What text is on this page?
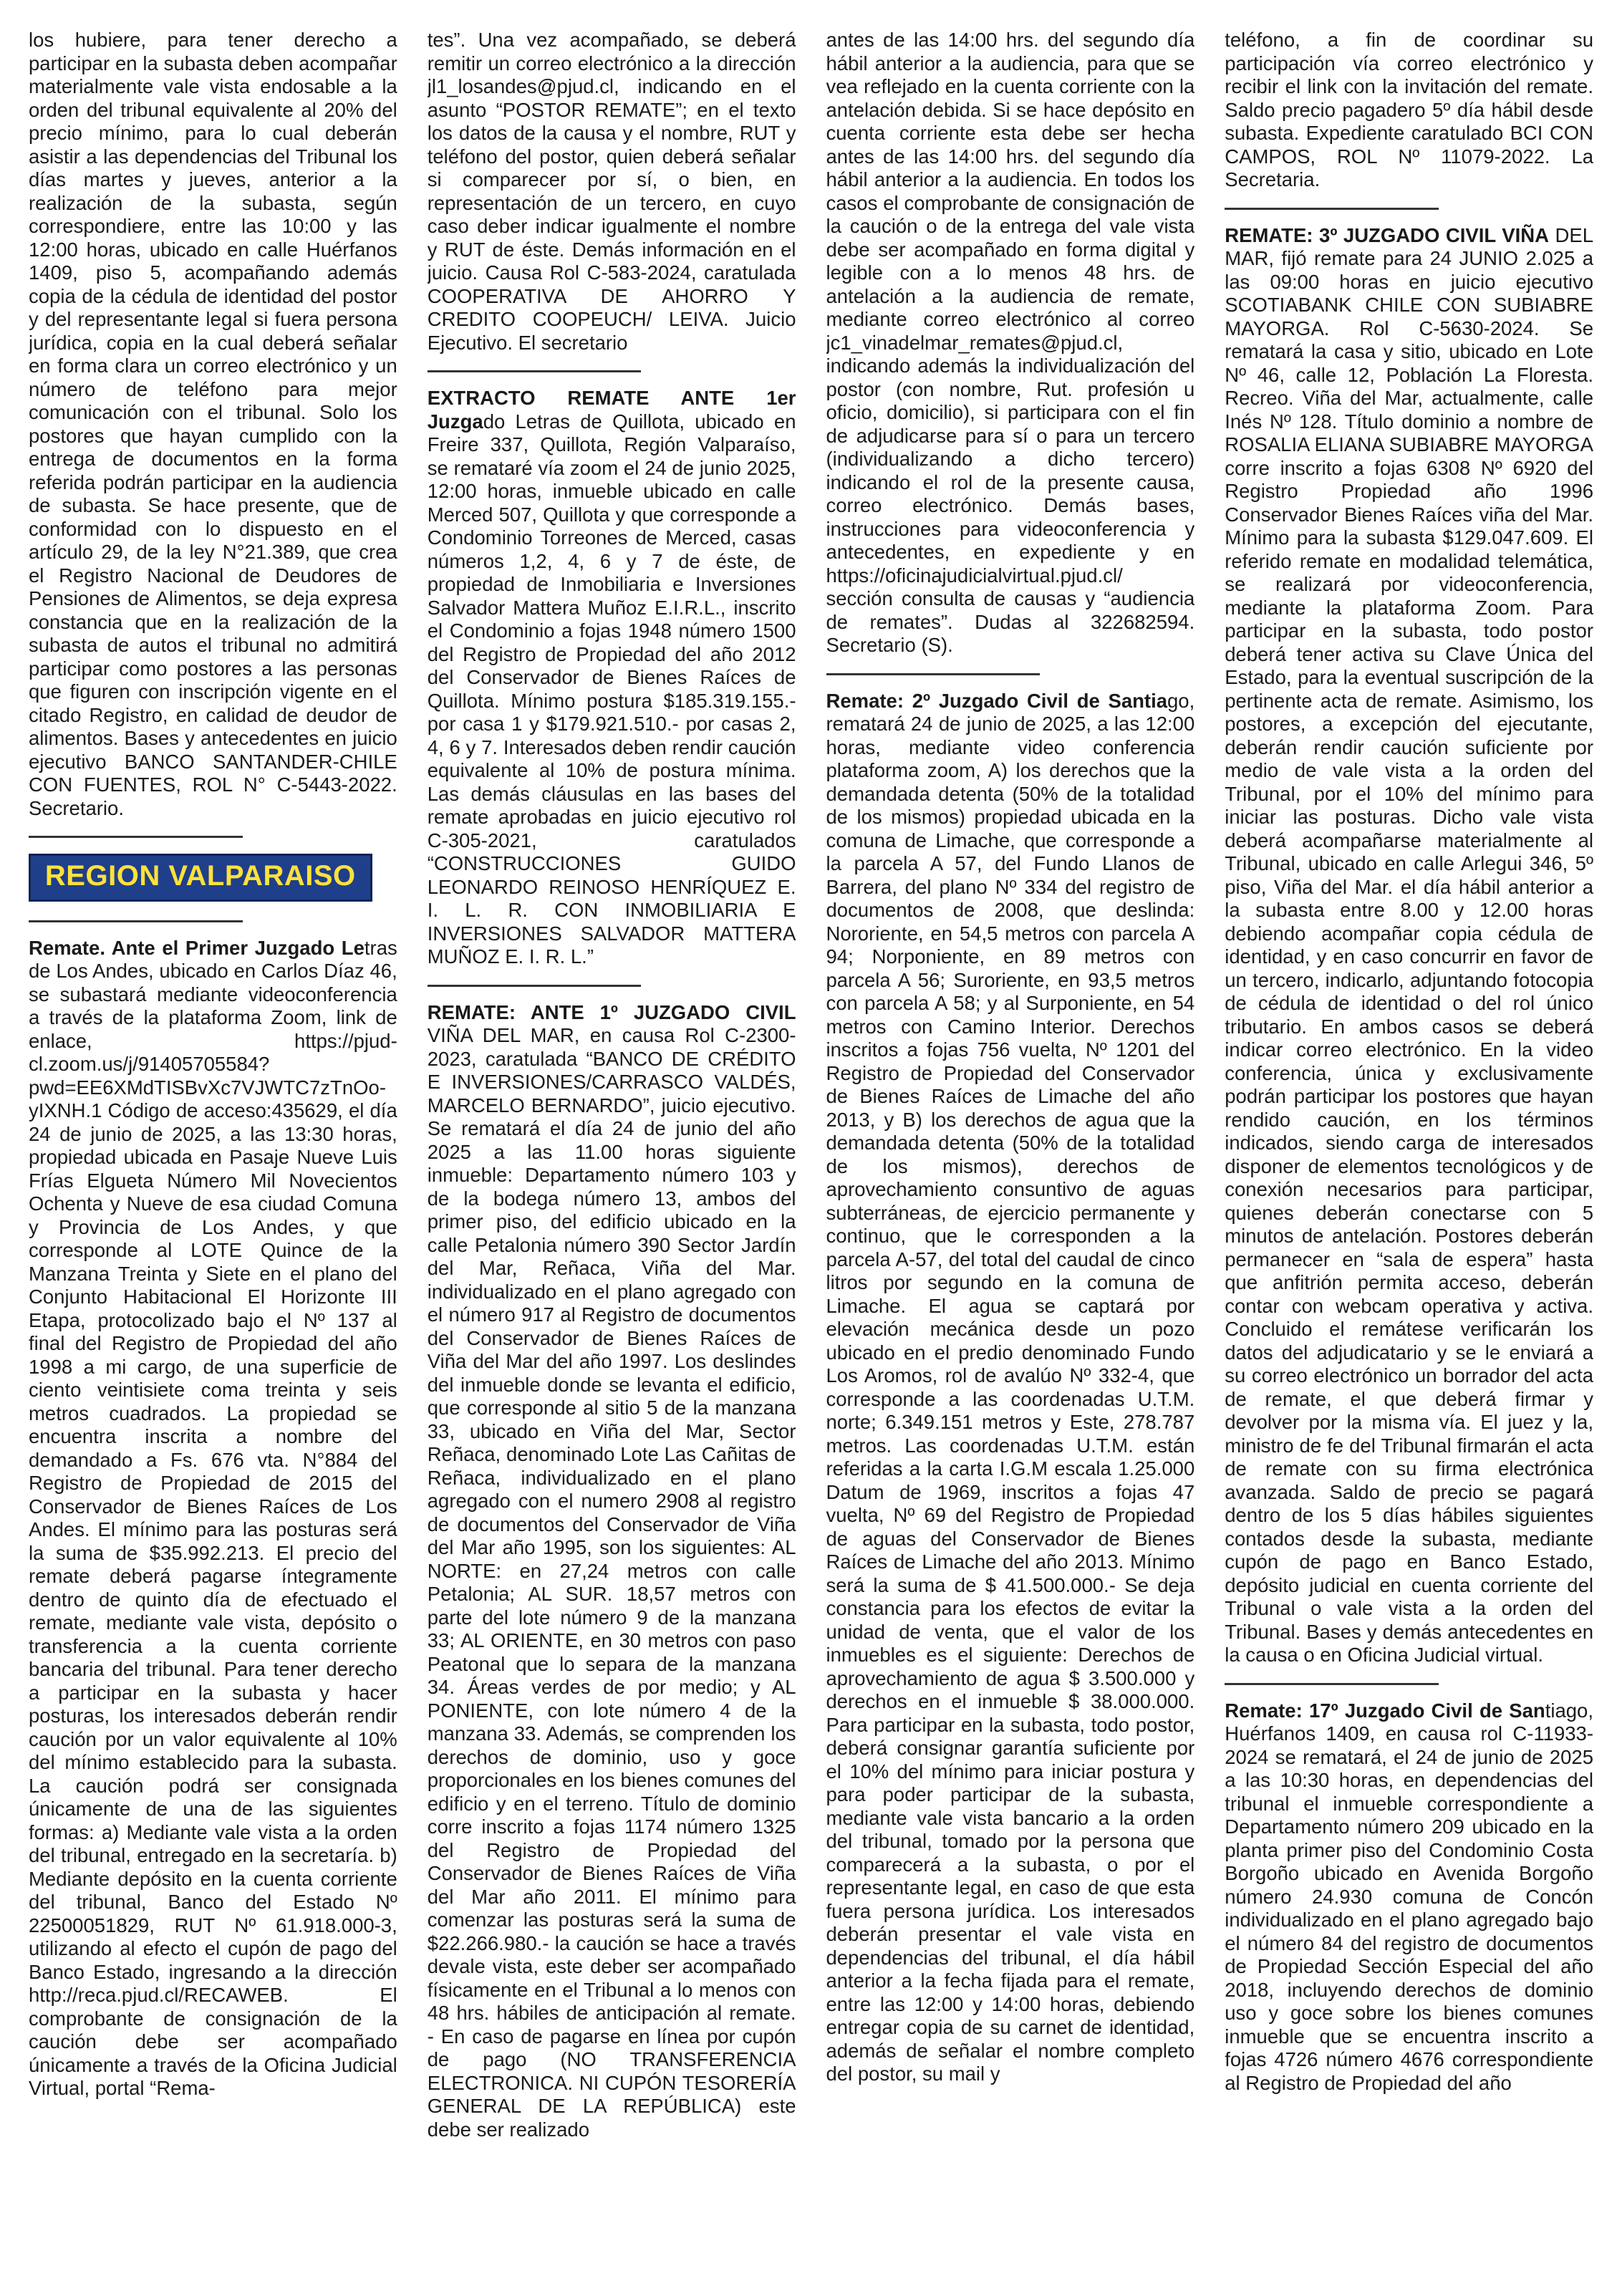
los hubiere, para tener derecho a participar en la subasta deben acompañar materialmente vale vista endosable a la orden del tribunal equivalente al 20% del precio mínimo, para lo cual deberán asistir a las dependencias del Tribunal los días martes y jueves, anterior a la realización de la subasta, según correspondiere, entre las 10:00 y las 12:00 horas, ubicado en calle Huérfanos 1409, piso 5, acompañando además copia de la cédula de identidad del postor y del representante legal si fuera persona jurídica, copia en la cual deberá señalar en forma clara un correo electrónico y un número de teléfono para mejor comunicación con el tribunal. Solo los postores que hayan cumplido con la entrega de documentos en la forma referida podrán participar en la audiencia de subasta. Se hace presente, que de conformidad con lo dispuesto en el artículo 29, de la ley N°21.389, que crea el Registro Nacional de Deudores de Pensiones de Alimentos, se deja expresa constancia que en la realización de la subasta de autos el tribunal no admitirá participar como postores a las personas que figuren con inscripción vigente en el citado Registro, en calidad de deudor de alimentos. Bases y antecedentes en juicio ejecutivo BANCO SANTANDER-CHILE CON FUENTES, ROL N° C-5443-2022. Secretario.

REGION VALPARAISO

Remate. Ante el Primer Juzgado Letras de Los Andes, ubicado en Carlos Díaz 46, se subastará mediante videoconferencia a través de la plataforma Zoom, link de enlace, https://pjud-cl.zoom.us/j/91405705584?pwd=EE6XMdTISBvXc7VJWTC7zTnOo-yIXNH.1 Código de acceso:435629, el día 24 de junio de 2025, a las 13:30 horas, propiedad ubicada en Pasaje Nueve Luis Frías Elgueta Número Mil Novecientos Ochenta y Nueve de esa ciudad Comuna y Provincia de Los Andes, y que corresponde al LOTE Quince de la Manzana Treinta y Siete en el plano del Conjunto Habitacional El Horizonte III Etapa, protocolizado bajo el Nº 137 al final del Registro de Propiedad del año 1998 a mi cargo, de una superficie de ciento veintisiete coma treinta y seis metros cuadrados. La propiedad se encuentra inscrita a nombre del demandado a Fs. 676 vta. N°884 del Registro de Propiedad de 2015 del Conservador de Bienes Raíces de Los Andes. El mínimo para las posturas será la suma de $35.992.213. El precio del remate deberá pagarse íntegramente dentro de quinto día de efectuado el remate, mediante vale vista, depósito o transferencia a la cuenta corriente bancaria del tribunal. Para tener derecho a participar en la subasta y hacer posturas, los interesados deberán rendir caución por un valor equivalente al 10% del mínimo establecido para la subasta. La caución podrá ser consignada únicamente de una de las siguientes formas: a) Mediante vale vista a la orden del tribunal, entregado en la secretaría. b) Mediante depósito en la cuenta corriente del tribunal, Banco del Estado Nº 22500051829, RUT Nº 61.918.000-3, utilizando al efecto el cupón de pago del Banco Estado, ingresando a la dirección http://reca.pjud.cl/RECAWEB. El comprobante de consignación de la caución debe ser acompañado únicamente a través de la Oficina Judicial Virtual, portal “Rema-

tes”. Una vez acompañado, se deberá remitir un correo electrónico a la dirección jl1_losandes@pjud.cl, indicando en el asunto “POSTOR REMATE”; en el texto los datos de la causa y el nombre, RUT y teléfono del postor, quien deberá señalar si comparecer por sí, o bien, en representación de un tercero, en cuyo caso deber indicar igualmente el nombre y RUT de éste. Demás información en el juicio. Causa Rol C-583-2024, caratulada COOPERATIVA DE AHORRO Y CREDITO COOPEUCH/ LEIVA. Juicio Ejecutivo. El secretario

EXTRACTO REMATE ANTE 1er Juzgado Letras de Quillota, ubicado en Freire 337, Quillota, Región Valparaíso, se remataré vía zoom el 24 de junio 2025, 12:00 horas, inmueble ubicado en calle Merced 507, Quillota y que corresponde a Condominio Torreones de Merced, casas números 1,2, 4, 6 y 7 de éste, de propiedad de Inmobiliaria e Inversiones Salvador Mattera Muñoz E.I.R.L., inscrito el Condominio a fojas 1948 número 1500 del Registro de Propiedad del año 2012 del Conservador de Bienes Raíces de Quillota. Mínimo postura $185.319.155.- por casa 1 y $179.921.510.- por casas 2, 4, 6 y 7. Interesados deben rendir caución equivalente al 10% de postura mínima. Las demás cláusulas en las bases del remate aprobadas en juicio ejecutivo rol C-305-2021, caratulados “CONSTRUCCIONES GUIDO LEONARDO REINOSO HENRÍQUEZ E. I. L. R. CON INMOBILIARIA E INVERSIONES SALVADOR MATTERA MUÑOZ E. I. R. L.”

REMATE: ANTE 1º JUZGADO CIVIL VIÑA DEL MAR, en causa Rol C-2300-2023, caratulada “BANCO DE CRÉDITO E INVERSIONES/CARRASCO VALDÉS, MARCELO BERNARDO”, juicio ejecutivo. Se rematará el día 24 de junio del año 2025 a las 11.00 horas siguiente inmueble: Departamento número 103 y de la bodega número 13, ambos del primer piso, del edificio ubicado en la calle Petalonia número 390 Sector Jardín del Mar, Reñaca, Viña del Mar. individualizado en el plano agregado con el número 917 al Registro de documentos del Conservador de Bienes Raíces de Viña del Mar del año 1997. Los deslindes del inmueble donde se levanta el edificio, que corresponde al sitio 5 de la manzana 33, ubicado en Viña del Mar, Sector Reñaca, denominado Lote Las Cañitas de Reñaca, individualizado en el plano agregado con el numero 2908 al registro de documentos del Conservador de Viña del Mar año 1995, son los siguientes: AL NORTE: en 27,24 metros con calle Petalonia; AL SUR. 18,57 metros con parte del lote número 9 de la manzana 33; AL ORIENTE, en 30 metros con paso Peatonal que lo separa de la manzana 34. Áreas verdes de por medio; y AL PONIENTE, con lote número 4 de la manzana 33. Además, se comprenden los derechos de dominio, uso y goce proporcionales en los bienes comunes del edificio y en el terreno. Título de dominio corre inscrito a fojas 1174 número 1325 del Registro de Propiedad del Conservador de Bienes Raíces de Viña del Mar año 2011. El mínimo para comenzar las posturas será la suma de $22.266.980.- la caución se hace a través devale vista, este deber ser acompañado físicamente en el Tribunal a lo menos con 48 hrs. hábiles de anticipación al remate. - En caso de pagarse en línea por cupón de pago (NO TRANSFERENCIA ELECTRONICA. NI CUPÓN TESORERÍA GENERAL DE LA REPÚBLICA) este debe ser realizado

antes de las 14:00 hrs. del segundo día hábil anterior a la audiencia, para que se vea reflejado en la cuenta corriente con la antelación debida. Si se hace depósito en cuenta corriente esta debe ser hecha antes de las 14:00 hrs. del segundo día hábil anterior a la audiencia. En todos los casos el comprobante de consignación de la caución o de la entrega del vale vista debe ser acompañado en forma digital y legible con a lo menos 48 hrs. de antelación a la audiencia de remate, mediante correo electrónico al correo jc1_vinadelmar_remates@pjud.cl, indicando además la individualización del postor (con nombre, Rut. profesión u oficio, domicilio), si participara con el fin de adjudicarse para sí o para un tercero (individualizando a dicho tercero) indicando el rol de la presente causa, correo electrónico. Demás bases, instrucciones para videoconferencia y antecedentes, en expediente y en https://oficinajudicialvirtual.pjud.cl/ sección consulta de causas y “audiencia de remates”. Dudas al 322682594. Secretario (S).

Remate: 2º Juzgado Civil de Santiago, rematará 24 de junio de 2025, a las 12:00 horas, mediante video conferencia plataforma zoom, A) los derechos que la demandada detenta (50% de la totalidad de los mismos) propiedad ubicada en la comuna de Limache, que corresponde a la parcela A 57, del Fundo Llanos de Barrera, del plano Nº 334 del registro de documentos de 2008, que deslinda: Nororiente, en 54,5 metros con parcela A 94; Norponiente, en 89 metros con parcela A 56; Suroriente, en 93,5 metros con parcela A 58; y al Surponiente, en 54 metros con Camino Interior. Derechos inscritos a fojas 756 vuelta, Nº 1201 del Registro de Propiedad del Conservador de Bienes Raíces de Limache del año 2013, y B) los derechos de agua que la demandada detenta (50% de la totalidad de los mismos), derechos de aprovechamiento consuntivo de aguas subterráneas, de ejercicio permanente y continuo, que le corresponden a la parcela A-57, del total del caudal de cinco litros por segundo en la comuna de Limache. El agua se captará por elevación mecánica desde un pozo ubicado en el predio denominado Fundo Los Aromos, rol de avalúo Nº 332-4, que corresponde a las coordenadas U.T.M. norte; 6.349.151 metros y Este, 278.787 metros. Las coordenadas U.T.M. están referidas a la carta I.G.M escala 1.25.000 Datum de 1969, inscritos a fojas 47 vuelta, Nº 69 del Registro de Propiedad de aguas del Conservador de Bienes Raíces de Limache del año 2013. Mínimo será la suma de $ 41.500.000.- Se deja constancia para los efectos de evitar la unidad de venta, que el valor de los inmuebles es el siguiente: Derechos de aprovechamiento de agua $ 3.500.000 y derechos en el inmueble $ 38.000.000. Para participar en la subasta, todo postor, deberá consignar garantía suficiente por el 10% del mínimo para iniciar postura y para poder participar de la subasta, mediante vale vista bancario a la orden del tribunal, tomado por la persona que comparecerá a la subasta, o por el representante legal, en caso de que esta fuera persona jurídica. Los interesados deberán presentar el vale vista en dependencias del tribunal, el día hábil anterior a la fecha fijada para el remate, entre las 12:00 y 14:00 horas, debiendo entregar copia de su carnet de identidad, además de señalar el nombre completo del postor, su mail y

teléfono, a fin de coordinar su participación vía correo electrónico y recibir el link con la invitación del remate. Saldo precio pagadero 5º día hábil desde subasta. Expediente caratulado BCI CON CAMPOS, ROL Nº 11079-2022. La Secretaria.

REMATE: 3º JUZGADO CIVIL VIÑA DEL MAR, fijó remate para 24 JUNIO 2.025 a las 09:00 horas en juicio ejecutivo SCOTIABANK CHILE CON SUBIABRE MAYORGA. Rol C-5630-2024. Se rematará la casa y sitio, ubicado en Lote Nº 46, calle 12, Población La Floresta. Recreo. Viña del Mar, actualmente, calle Inés Nº 128. Título dominio a nombre de ROSALIA ELIANA SUBIABRE MAYORGA corre inscrito a fojas 6308 Nº 6920 del Registro Propiedad año 1996 Conservador Bienes Raíces viña del Mar. Mínimo para la subasta $129.047.609. El referido remate en modalidad telemática, se realizará por videoconferencia, mediante la plataforma Zoom. Para participar en la subasta, todo postor deberá tener activa su Clave Única del Estado, para la eventual suscripción de la pertinente acta de remate. Asimismo, los postores, a excepción del ejecutante, deberán rendir caución suficiente por medio de vale vista a la orden del Tribunal, por el 10% del mínimo para iniciar las posturas. Dicho vale vista deberá acompañarse materialmente al Tribunal, ubicado en calle Arlegui 346, 5º piso, Viña del Mar. el día hábil anterior a la subasta entre 8.00 y 12.00 horas debiendo acompañar copia cédula de identidad, y en caso concurrir en favor de un tercero, indicarlo, adjuntando fotocopia de cédula de identidad o del rol único tributario. En ambos casos se deberá indicar correo electrónico. En la video conferencia, única y exclusivamente podrán participar los postores que hayan rendido caución, en los términos indicados, siendo carga de interesados disponer de elementos tecnológicos y de conexión necesarios para participar, quienes deberán conectarse con 5 minutos de antelación. Postores deberán permanecer en “sala de espera” hasta que anfitrión permita acceso, deberán contar con webcam operativa y activa. Concluido el remátese verificarán los datos del adjudicatario y se le enviará a su correo electrónico un borrador del acta de remate, el que deberá firmar y devolver por la misma vía. El juez y la, ministro de fe del Tribunal firmarán el acta de remate con su firma electrónica avanzada. Saldo de precio se pagará dentro de los 5 días hábiles siguientes contados desde la subasta, mediante cupón de pago en Banco Estado, depósito judicial en cuenta corriente del Tribunal o vale vista a la orden del Tribunal. Bases y demás antecedentes en la causa o en Oficina Judicial virtual.

Remate: 17º Juzgado Civil de Santiago, Huérfanos 1409, en causa rol C-11933-2024 se rematará, el 24 de junio de 2025 a las 10:30 horas, en dependencias del tribunal el inmueble correspondiente a Departamento número 209 ubicado en la planta primer piso del Condominio Costa Borgoño ubicado en Avenida Borgoño número 24.930 comuna de Concón individualizado en el plano agregado bajo el número 84 del registro de documentos de Propiedad Sección Especial del año 2018, incluyendo derechos de dominio uso y goce sobre los bienes comunes inmueble que se encuentra inscrito a fojas 4726 número 4676 correspondiente al Registro de Propiedad del año
